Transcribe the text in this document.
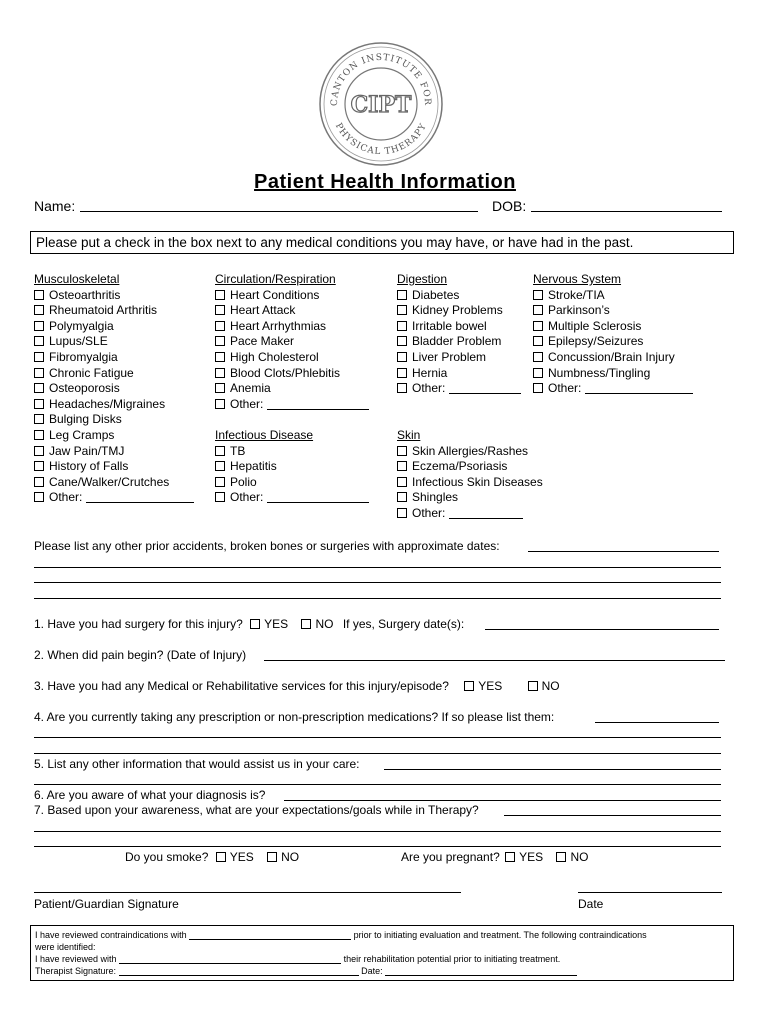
CANTON INSTITUTE FOR
PHYSICAL THERAPY
CIPT
Patient Health Information
Name:	DOB:
Please put a check in the box next to any medical conditions you may have, or have had in the past.
Musculoskeletal
Osteoarthritis
Rheumatoid Arthritis
Polymyalgia
Lupus/SLE
Fibromyalgia
Chronic Fatigue
Osteoporosis
Headaches/Migraines
Bulging Disks
Leg Cramps
Jaw Pain/TMJ
History of Falls
Cane/Walker/Crutches
Other:
Circulation/Respiration
Heart Conditions
Heart Attack
Heart Arrhythmias
Pace Maker
High Cholesterol
Blood Clots/Phlebitis
Anemia
Other:
Infectious Disease
TB
Hepatitis
Polio
Other:
Digestion
Diabetes
Kidney Problems
Irritable bowel
Bladder Problem
Liver Problem
Hernia
Other:
Skin
Skin Allergies/Rashes
Eczema/Psoriasis
Infectious Skin Diseases
Shingles
Other:
Nervous System
Stroke/TIA
Parkinson’s
Multiple Sclerosis
Epilepsy/Seizures
Concussion/Brain Injury
Numbness/Tingling
Other:
Please list any other prior accidents, broken bones or surgeries with approximate dates:
1. Have you had surgery for this injury? YES NO If yes, Surgery date(s):
2. When did pain begin? (Date of Injury)
3. Have you had any Medical or Rehabilitative services for this injury/episode? YES	NO
4. Are you currently taking any prescription or non-prescription medications? If so please list them:
5. List any other information that would assist us in your care:
6. Are you aware of what your diagnosis is?
7. Based upon your awareness, what are your expectations/goals while in Therapy?
Do you smoke? YES NO	Are you pregnant? YES NO
Patient/Guardian Signature	Date
I have reviewed contraindications with	prior to initiating evaluation and treatment. The following contraindications
were identified:
I have reviewed with	their rehabilitation potential prior to initiating treatment.
Therapist Signature:	Date:
